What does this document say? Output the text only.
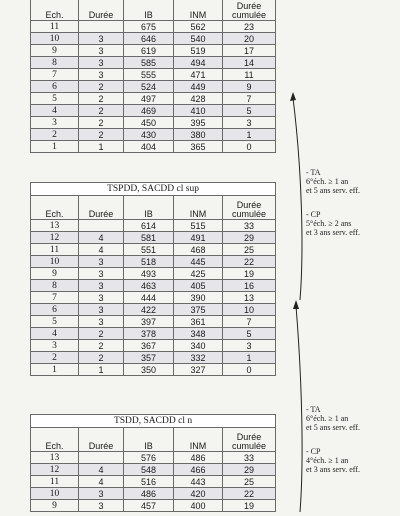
Ech.	Durée	IB	INM	Durée
cumulée
11		675	562	23
10	3	646	540	20
9	3	619	519	17
8	3	585	494	14
7	3	555	471	11
6	2	524	449	9
5	2	497	428	7
4	2	469	410	5
3	2	450	395	3
2	2	430	380	1
1	1	404	365	0
TSPDD, SACDD cl sup				
Ech.	Durée	IB	INM	Durée
cumulée
13		614	515	33
12	4	581	491	29
11	4	551	468	25
10	3	518	445	22
9	3	493	425	19
8	3	463	405	16
7	3	444	390	13
6	3	422	375	10
5	3	397	361	7
4	2	378	348	5
3	2	367	340	3
2	2	357	332	1
1	1	350	327	0
TSDD, SACDD cl n				
Ech.	Durée	IB	INM	Durée
cumulée
13		576	486	33
12	4	548	466	29
11	4	516	443	25
10	3	486	420	22
9	3	457	400	19
- TA
6°éch. ≥ 1 an
et 5 ans serv. eff.
- CP
5°éch. ≥ 2 ans
et 3 ans serv. eff.
- TA
6°éch. ≥ 1 an
et 5 ans serv. eff.
- CP
4°éch. ≥ 1 an
et 3 ans serv. eff.
